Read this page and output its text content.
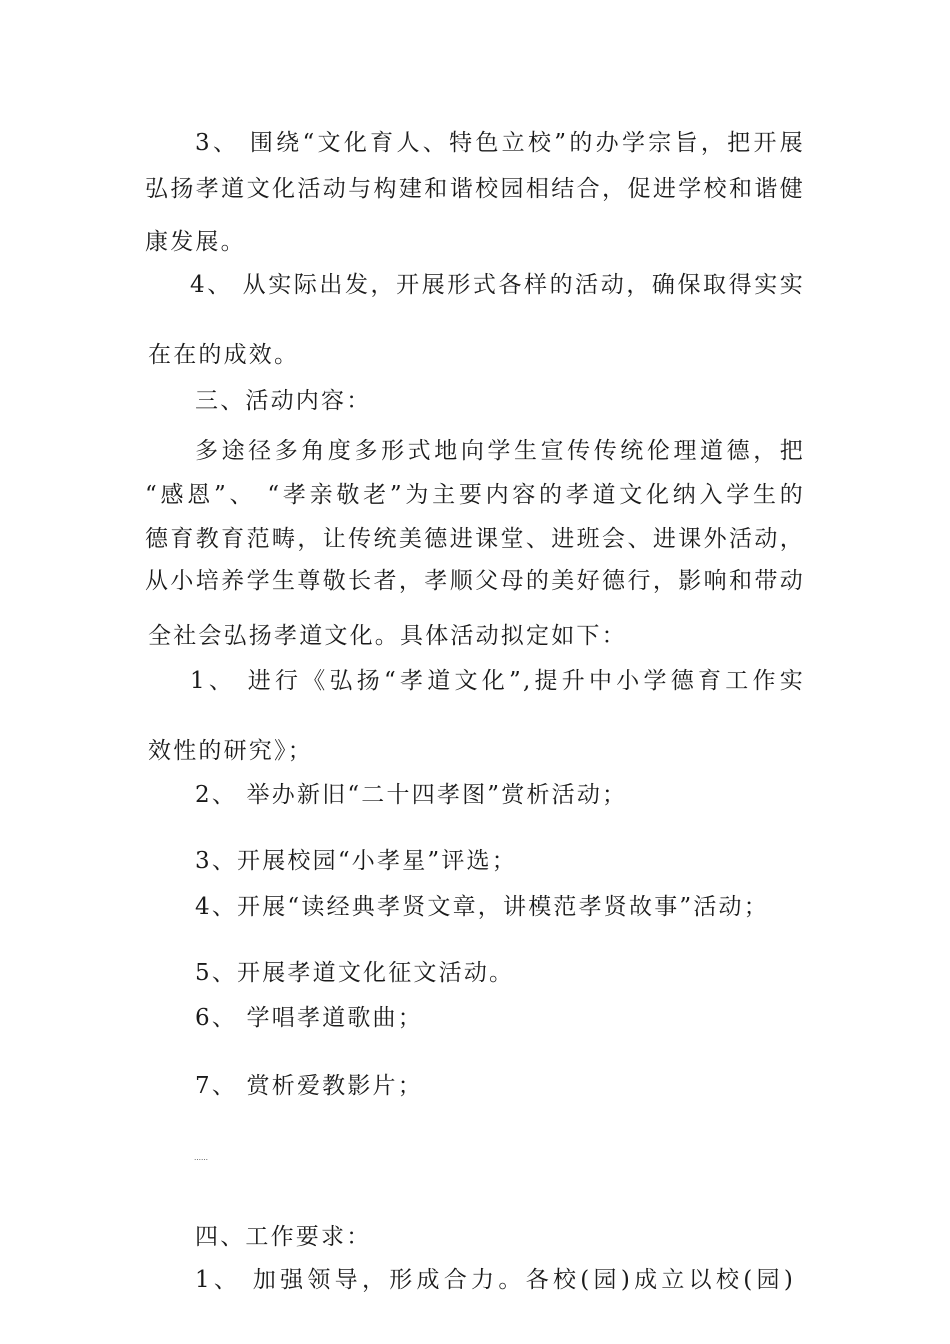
3、 围绕“文化育人、特色立校”的办学宗旨，把开展
弘扬孝道文化活动与构建和谐校园相结合，促进学校和谐健
康发展。
4、 从实际出发，开展形式各样的活动，确保取得实实
在在的成效。
三、活动内容：
多途径多角度多形式地向学生宣传传统伦理道德，把
“感恩”、 “孝亲敬老”为主要内容的孝道文化纳入学生的
德育教育范畴，让传统美德进课堂、进班会、进课外活动，
从小培养学生尊敬长者，孝顺父母的美好德行，影响和带动
全社会弘扬孝道文化。具体活动拟定如下：
1、 进行《弘扬“孝道文化”,提升中小学德育工作实
效性的研究》；
2、 举办新旧“二十四孝图”赏析活动；
3、开展校园“小孝星”评选；
4、开展“读经典孝贤文章，讲模范孝贤故事”活动；
5、开展孝道文化征文活动。
6、 学唱孝道歌曲；
7、 赏析爱教影片；
……
四、工作要求：
1、 加强领导，形成合力。各校(园)成立以校(园)
